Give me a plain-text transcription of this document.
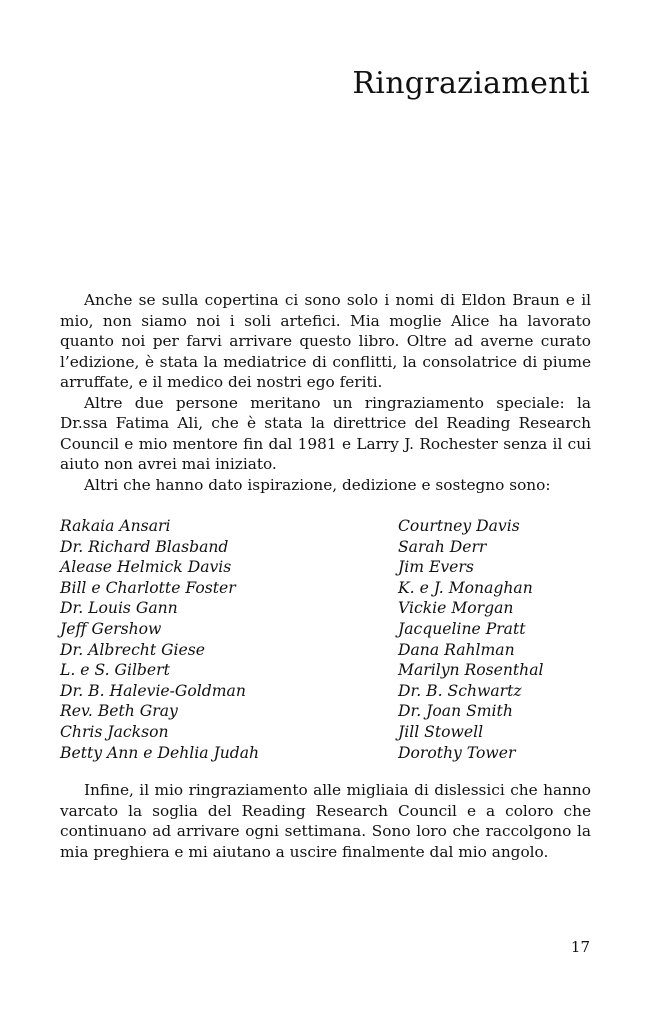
Ringraziamenti

Anche se sulla copertina ci sono solo i nomi di Eldon Braun e il mio, non siamo noi i soli artefici. Mia moglie Alice ha lavorato quanto noi per farvi arrivare questo libro. Oltre ad averne curato l’edizione, è stata la mediatrice di conflitti, la consolatrice di piume arruffate, e il medico dei nostri ego feriti.

Altre due persone meritano un ringraziamento speciale: la Dr.ssa Fatima Ali, che è stata la direttrice del Reading Research Council e mio mentore fin dal 1981 e Larry J. Rochester senza il cui aiuto non avrei mai iniziato.

Altri che hanno dato ispirazione, dedizione e sostegno sono:

Rakaia Ansari
Dr. Richard Blasband
Alease Helmick Davis
Bill e Charlotte Foster
Dr. Louis Gann
Jeff Gershow
Dr. Albrecht Giese
L. e S. Gilbert
Dr. B. Halevie-Goldman
Rev. Beth Gray
Chris Jackson
Betty Ann e Dehlia Judah
Courtney Davis
Sarah Derr
Jim Evers
K. e J. Monaghan
Vickie Morgan
Jacqueline Pratt
Dana Rahlman
Marilyn Rosenthal
Dr. B. Schwartz
Dr. Joan Smith
Jill Stowell
Dorothy Tower

Infine, il mio ringraziamento alle migliaia di dislessici che hanno varcato la soglia del Reading Research Council e a coloro che continuano ad arrivare ogni settimana. Sono loro che raccolgono la mia preghiera e mi aiutano a uscire finalmente dal mio angolo.

17
